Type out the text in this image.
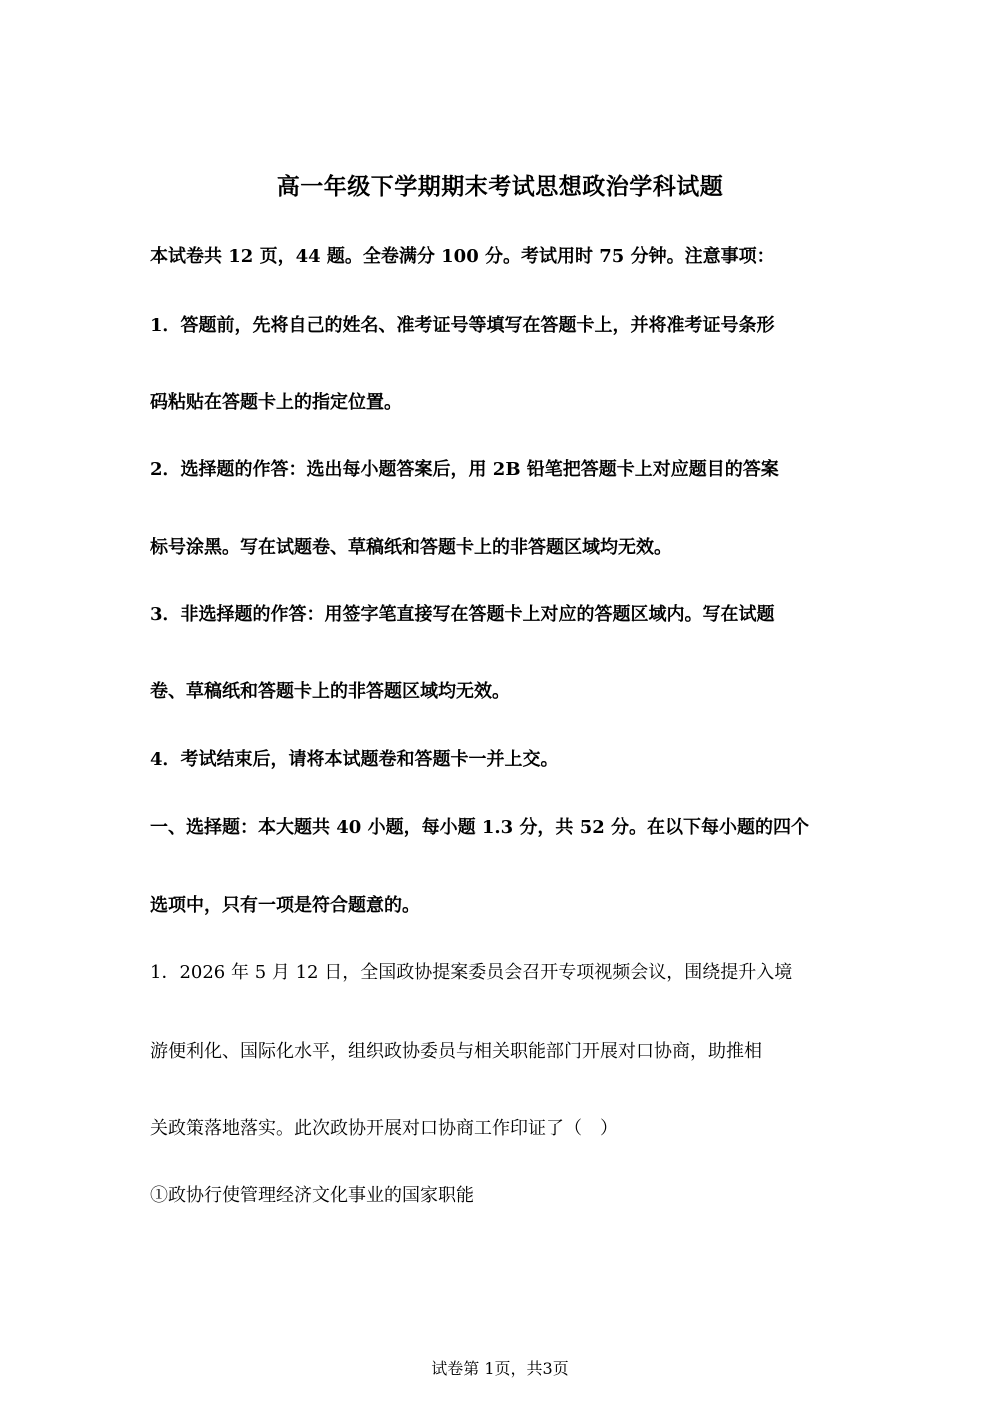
高一年级下学期期末考试思想政治学科试题
本试卷共 12 页，44 题。全卷满分 100 分。考试用时 75 分钟。注意事项：
1．答题前，先将自己的姓名、准考证号等填写在答题卡上，并将准考证号条形
码粘贴在答题卡上的指定位置。
2．选择题的作答：选出每小题答案后，用 2B 铅笔把答题卡上对应题目的答案
标号涂黑。写在试题卷、草稿纸和答题卡上的非答题区域均无效。
3．非选择题的作答：用签字笔直接写在答题卡上对应的答题区域内。写在试题
卷、草稿纸和答题卡上的非答题区域均无效。
4．考试结束后，请将本试题卷和答题卡一并上交。
一、选择题：本大题共 40 小题，每小题 1.3 分，共 52 分。在以下每小题的四个
选项中，只有一项是符合题意的。
1．2026 年 5 月 12 日，全国政协提案委员会召开专项视频会议，围绕提升入境
游便利化、国际化水平，组织政协委员与相关职能部门开展对口协商，助推相
关政策落地落实。此次政协开展对口协商工作印证了（　）
①政协行使管理经济文化事业的国家职能
试卷第 1页，共3页
